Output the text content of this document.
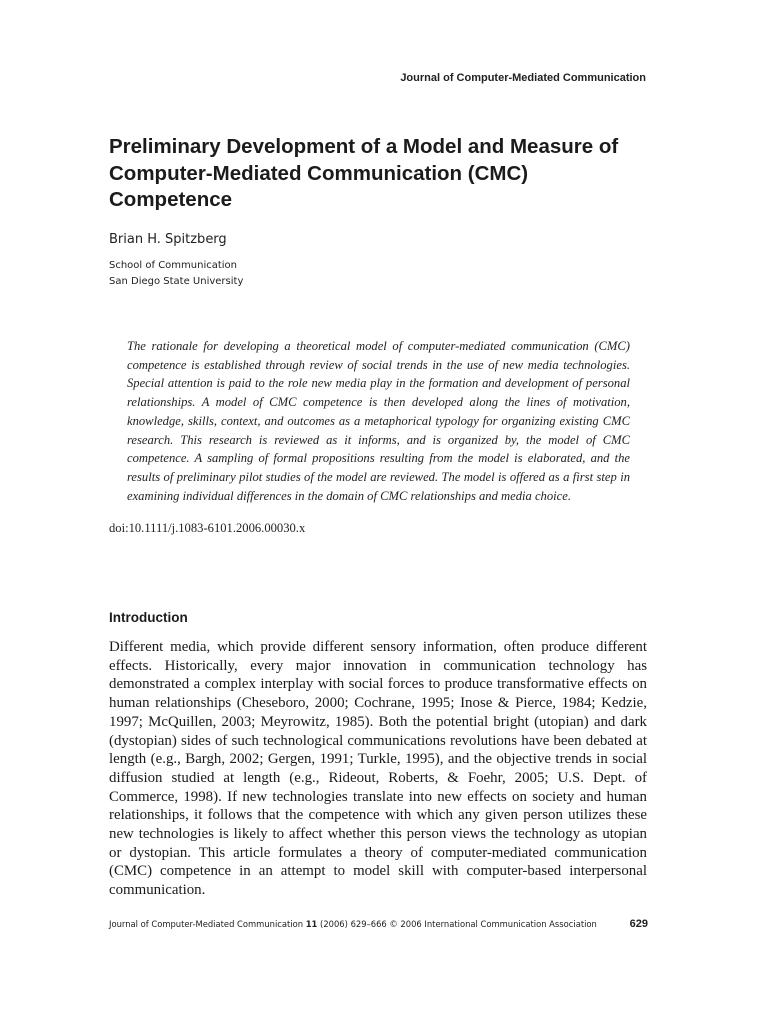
Journal of Computer-Mediated Communication
Preliminary Development of a Model and Measure of Computer-Mediated Communication (CMC) Competence
Brian H. Spitzberg
School of Communication
San Diego State University

The rationale for developing a theoretical model of computer-mediated communication (CMC) competence is established through review of social trends in the use of new media technologies. Special attention is paid to the role new media play in the formation and development of personal relationships. A model of CMC competence is then developed along the lines of motivation, knowledge, skills, context, and outcomes as a metaphorical typology for organizing existing CMC research. This research is reviewed as it informs, and is organized by, the model of CMC competence. A sampling of formal propositions resulting from the model is elaborated, and the results of preliminary pilot studies of the model are reviewed. The model is offered as a first step in examining individual differences in the domain of CMC relationships and media choice.

doi:10.1111/j.1083-6101.2006.00030.x
Introduction

Different media, which provide different sensory information, often produce different effects. Historically, every major innovation in communication technology has demonstrated a complex interplay with social forces to produce transformative effects on human relationships (Cheseboro, 2000; Cochrane, 1995; Inose & Pierce, 1984; Kedzie, 1997; McQuillen, 2003; Meyrowitz, 1985). Both the potential bright (utopian) and dark (dystopian) sides of such technological communications revolutions have been debated at length (e.g., Bargh, 2002; Gergen, 1991; Turkle, 1995), and the objective trends in social diffusion studied at length (e.g., Rideout, Roberts, & Foehr, 2005; U.S. Dept. of Commerce, 1998). If new technologies translate into new effects on society and human relationships, it follows that the competence with which any given person utilizes these new technologies is likely to affect whether this person views the technology as utopian or dystopian. This article formulates a theory of computer-mediated communication (CMC) competence in an attempt to model skill with computer-based interpersonal communication.

Journal of Computer-Mediated Communication 11 (2006) 629–666 © 2006 International Communication Association	629
